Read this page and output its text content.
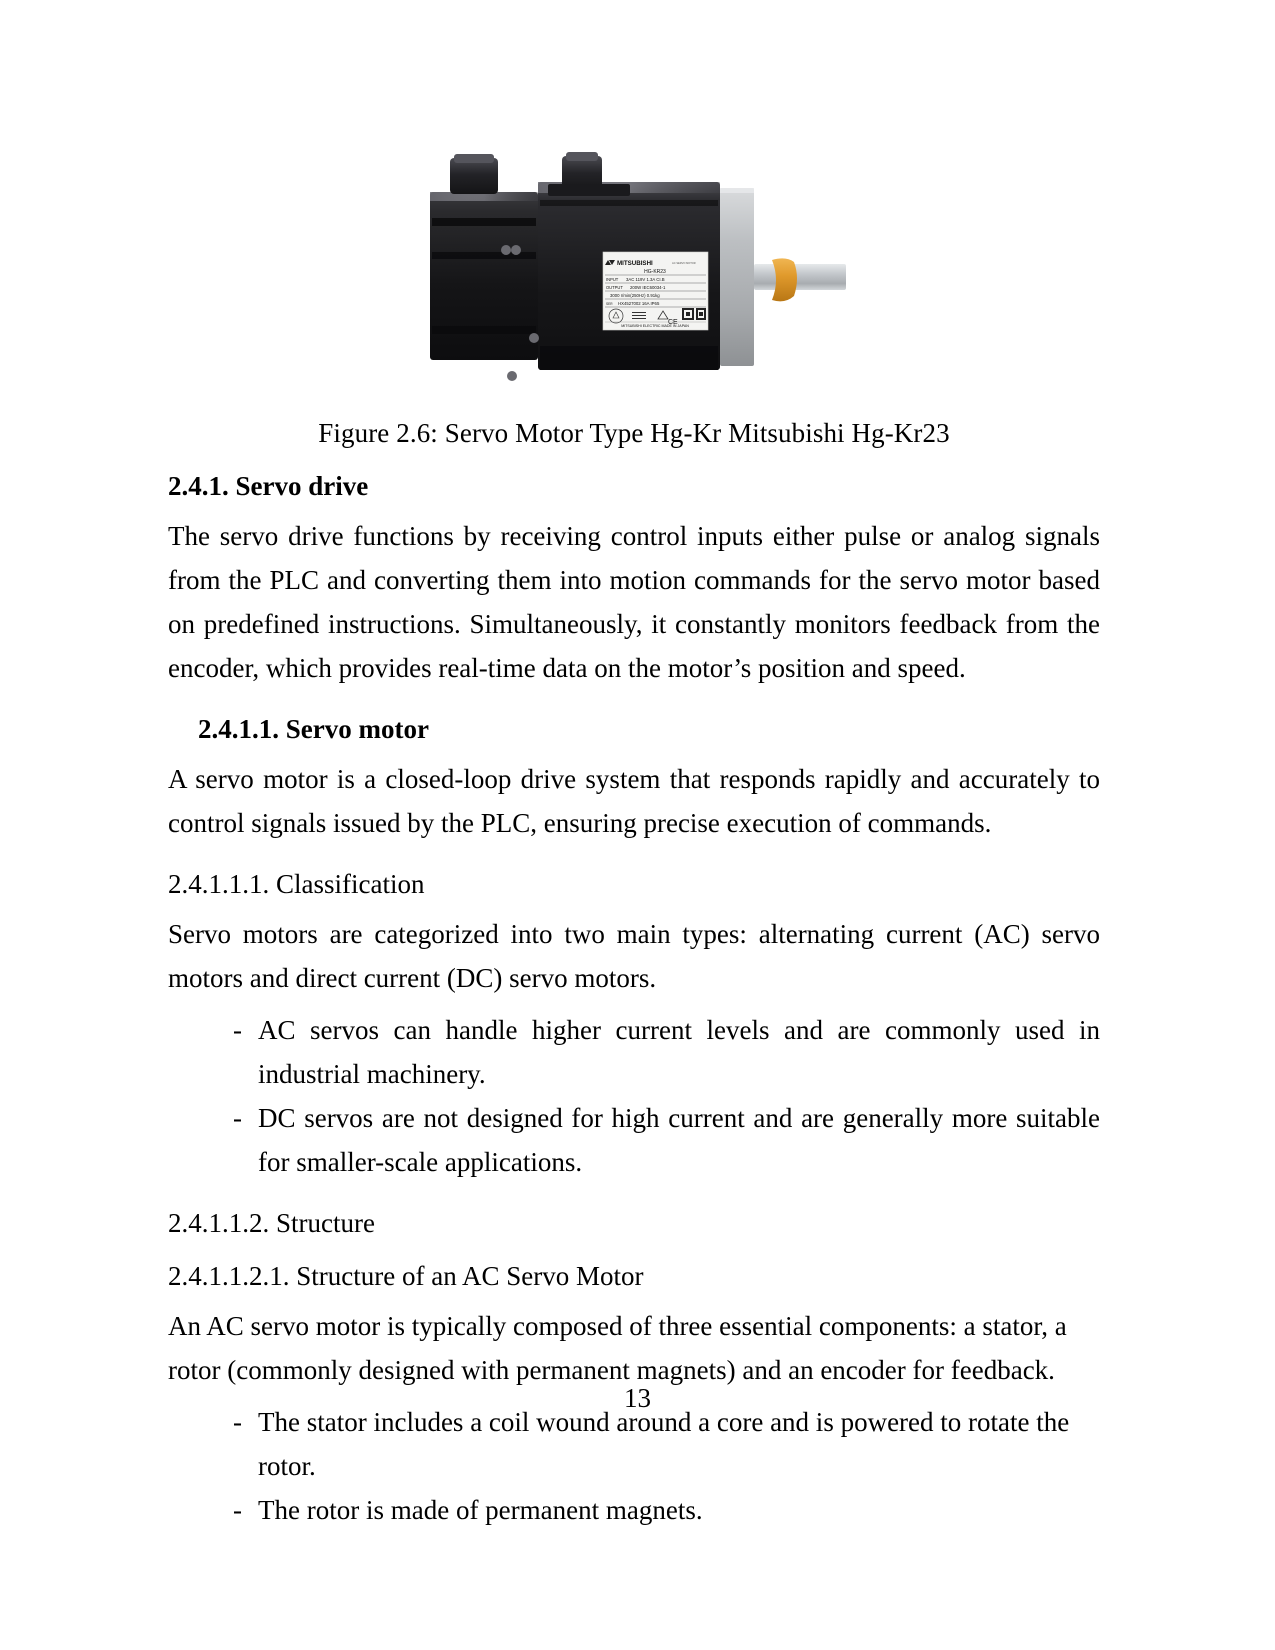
MITSUBISHI	AC SERVO MOTOR
HG-KR23
INPUT 3AC 119V 1.3A CI.B
OUTPUT 200W IEC60034-1
3000 r/min(250Hz) 0.91kg
SER HX4527002 16A IP65
CE
MITSUBISHI ELECTRIC MADE IN JAPAN
Figure 2.6: Servo Motor Type Hg-Kr Mitsubishi Hg-Kr23
2.4.1. Servo drive

The servo drive functions by receiving control inputs either pulse or analog signals from the PLC and converting them into motion commands for the servo motor based on predefined instructions. Simultaneously, it constantly monitors feedback from the encoder, which provides real-time data on the motor’s position and speed.

2.4.1.1. Servo motor

A servo motor is a closed-loop drive system that responds rapidly and accurately to control signals issued by the PLC, ensuring precise execution of commands.

2.4.1.1.1. Classification

Servo motors are categorized into two main types: alternating current (AC) servo motors and direct current (DC) servo motors.

- AC servos can handle higher current levels and are commonly used in industrial machinery.
- DC servos are not designed for high current and are generally more suitable for smaller-scale applications.
2.4.1.1.2. Structure
2.4.1.1.2.1. Structure of an AC Servo Motor

An AC servo motor is typically composed of three essential components: a stator, a rotor (commonly designed with permanent magnets) and an encoder for feedback.

- The stator includes a coil wound around a core and is powered to rotate the rotor.
- The rotor is made of permanent magnets.
13
